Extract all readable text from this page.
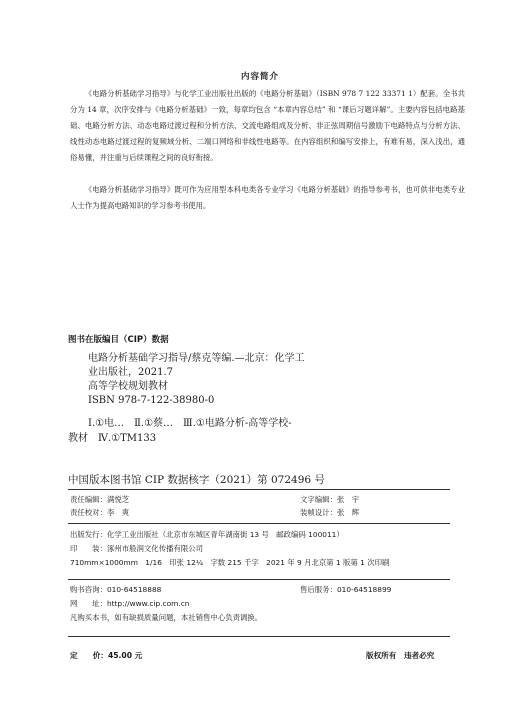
内容简介
《电路分析基础学习指导》与化学工业出版社出版的《电路分析基础》（ISBN 978 7 122 33371 1）配套。全书共分为 14 章，次序安排与《电路分析基础》一致，每章均包含 “本章内容总结” 和 “课后习题详解”。主要内容包括电路基础、电路分析方法、动态电路过渡过程和分析方法、交流电路组成及分析、非正弦周期信号激励下电路特点与分析方法、线性动态电路过渡过程的复频域分析、二端口网络和非线性电路等。在内容组织和编写安排上，有难有易，深入浅出，通俗易懂，并注重与后续课程之间的良好衔接。
《电路分析基础学习指导》既可作为应用型本科电类各专业学习《电路分析基础》的指导参考书，也可供非电类专业人士作为提高电路知识的学习参考书使用。
图书在版编目（CIP）数据
电路分析基础学习指导/蔡克等编.—北京：化学工
业出版社，2021.7
高等学校规划教材
ISBN 978-7-122-38980-0
Ⅰ.①电…　Ⅱ.①蔡…　Ⅲ.①电路分析-高等学校-
教材　Ⅳ.①TM133
中国版本图书馆 CIP 数据核字（2021）第 072496 号
责任编辑：满悦芝	文字编辑：张　宇
责任校对：李　爽	装帧设计：张　辉
出版发行：化学工业出版社（北京市东城区青年湖南街 13 号　邮政编码 100011）
印　　装：涿州市般润文化传播有限公司
710mm×1000mm　1/16　印张 12¼　字数 215 千字　2021 年 9 月北京第 1 版第 1 次印刷
购书咨询：010-64518888	售后服务：010-64518899
网　　址：http://www.cip.com.cn
凡购买本书，如有缺损质量问题，本社销售中心负责调换。
定　　价：45.00 元	版权所有　违者必究
